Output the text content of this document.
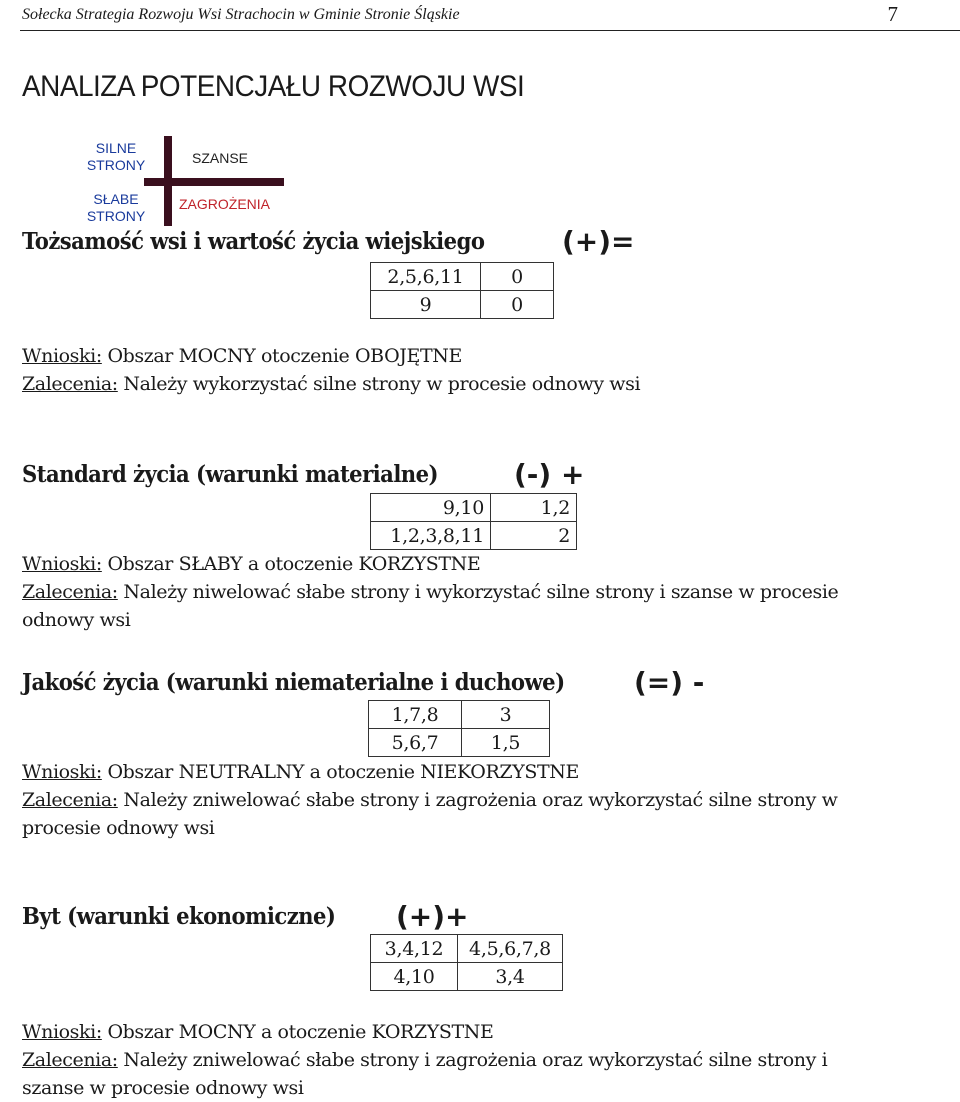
Sołecka Strategia Rozwoju Wsi Strachocin w Gminie Stronie Śląskie	7
ANALIZA POTENCJAŁU ROZWOJU WSI
SILNE STRONY	SZANSE
SŁABE STRONY
ZAGROŻENIA
Tożsamość wsi i wartość życia wiejskiego	(+)=
2,5,6,11	0
9	0
Wnioski: Obszar MOCNY otoczenie OBOJĘTNE
Zalecenia: Należy wykorzystać silne strony w procesie odnowy wsi
Standard życia (warunki materialne)	(-) +
9,10	1,2
1,2,3,8,11	2
Wnioski: Obszar SŁABY a otoczenie KORZYSTNE
Zalecenia: Należy niwelować słabe strony i wykorzystać silne strony i szanse w procesie
odnowy wsi
Jakość życia (warunki niematerialne i duchowe) (=) -
1,7,8	3
5,6,7	1,5
Wnioski: Obszar NEUTRALNY a otoczenie NIEKORZYSTNE
Zalecenia: Należy zniwelować słabe strony i zagrożenia oraz wykorzystać silne strony w
procesie odnowy wsi
Byt (warunki ekonomiczne) (+)+
3,4,12	4,5,6,7,8
4,10	3,4
Wnioski: Obszar MOCNY a otoczenie KORZYSTNE
Zalecenia: Należy zniwelować słabe strony i zagrożenia oraz wykorzystać silne strony i
szanse w procesie odnowy wsi
